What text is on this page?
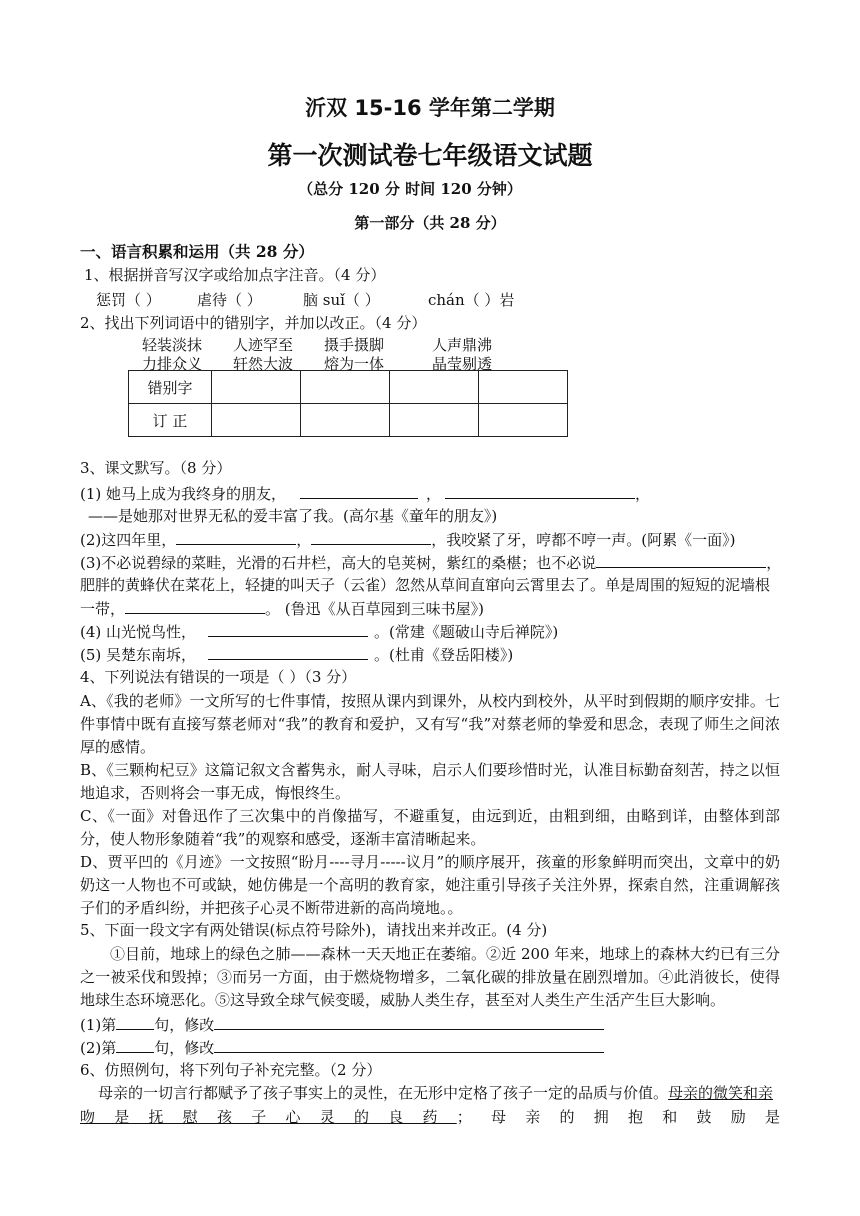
沂双 15-16 学年第二学期
第一次测试卷七年级语文试题
（总分 120 分 时间 120 分钟）
第一部分（共 28 分）
一、语言积累和运用（共 28 分）
1、根据拼音写汉字或给加点字注音。（4 分）
惩罚（ ） 虐待（ ）	脑 suǐ（ ）	chán（ ）岩
2、找出下列词语中的错别字，并加以改正。（4 分）
轻装淡抹 人迹罕至 摄手摄脚	人声鼎沸
力排众义 轩然大波 熔为一体	晶莹剔透
错别字				
订 正				
3、课文默写。（8 分）
(1) 她马上成为我终身的朋友，	，	，
——是她那对世界无私的爱丰富了我。(高尔基《童年的朋友》)
(2)这四年里，	，	，我咬紧了牙，哼都不哼一声。(阿累《一面》)
(3)不必说碧绿的菜畦，光滑的石井栏，高大的皂荚树，紫红的桑椹；也不必说	，
肥胖的黄蜂伏在菜花上，轻捷的叫天子（云雀）忽然从草间直窜向云霄里去了。单是周围的短短的泥墙根
一带，	。 (鲁迅《从百草园到三味书屋》)
(4) 山光悦鸟性，	。(常建《题破山寺后禅院》)
(5) 吴楚东南坼，	。(杜甫《登岳阳楼》)
4、下列说法有错误的一项是（ ）（3 分）
A、《我的老师》一文所写的七件事情，按照从课内到课外，从校内到校外，从平时到假期的顺序安排。七件事情中既有直接写蔡老师对“我”的教育和爱护，又有写“我”对蔡老师的挚爱和思念，表现了师生之间浓厚的感情。
B、《三颗枸杞豆》这篇记叙文含蓄隽永，耐人寻味，启示人们要珍惜时光，认准目标勤奋刻苦，持之以恒地追求，否则将会一事无成，悔恨终生。
C、《一面》对鲁迅作了三次集中的肖像描写，不避重复，由远到近，由粗到细，由略到详，由整体到部分，使人物形象随着“我”的观察和感受，逐渐丰富清晰起来。
D、贾平凹的《月迹》一文按照“盼月----寻月-----议月”的顺序展开，孩童的形象鲜明而突出，文章中的奶奶这一人物也不可或缺，她仿佛是一个高明的教育家，她注重引导孩子关注外界，探索自然，注重调解孩子们的矛盾纠纷，并把孩子心灵不断带进新的高尚境地。。
5、下面一段文字有两处错误(标点符号除外)，请找出来并改正。(4 分)
①目前，地球上的绿色之肺——森林一天天地正在萎缩。②近 200 年来，地球上的森林大约已有三分之一被采伐和毁掉；③而另一方面，由于燃烧物增多，二氧化碳的排放量在剧烈增加。④此消彼长，使得地球生态环境恶化。⑤这导致全球气候变暖，威胁人类生存，甚至对人类生产生活产生巨大影响。
(1)第	句，修改
(2)第	句，修改
6、仿照例句，将下列句子补充完整。（2 分）
母亲的一切言行都赋予了孩子事实上的灵性，在无形中定格了孩子一定的品质与价值。母亲的微笑和亲
吻是抚慰孩子心灵的良药；母亲的拥抱和鼓励是
